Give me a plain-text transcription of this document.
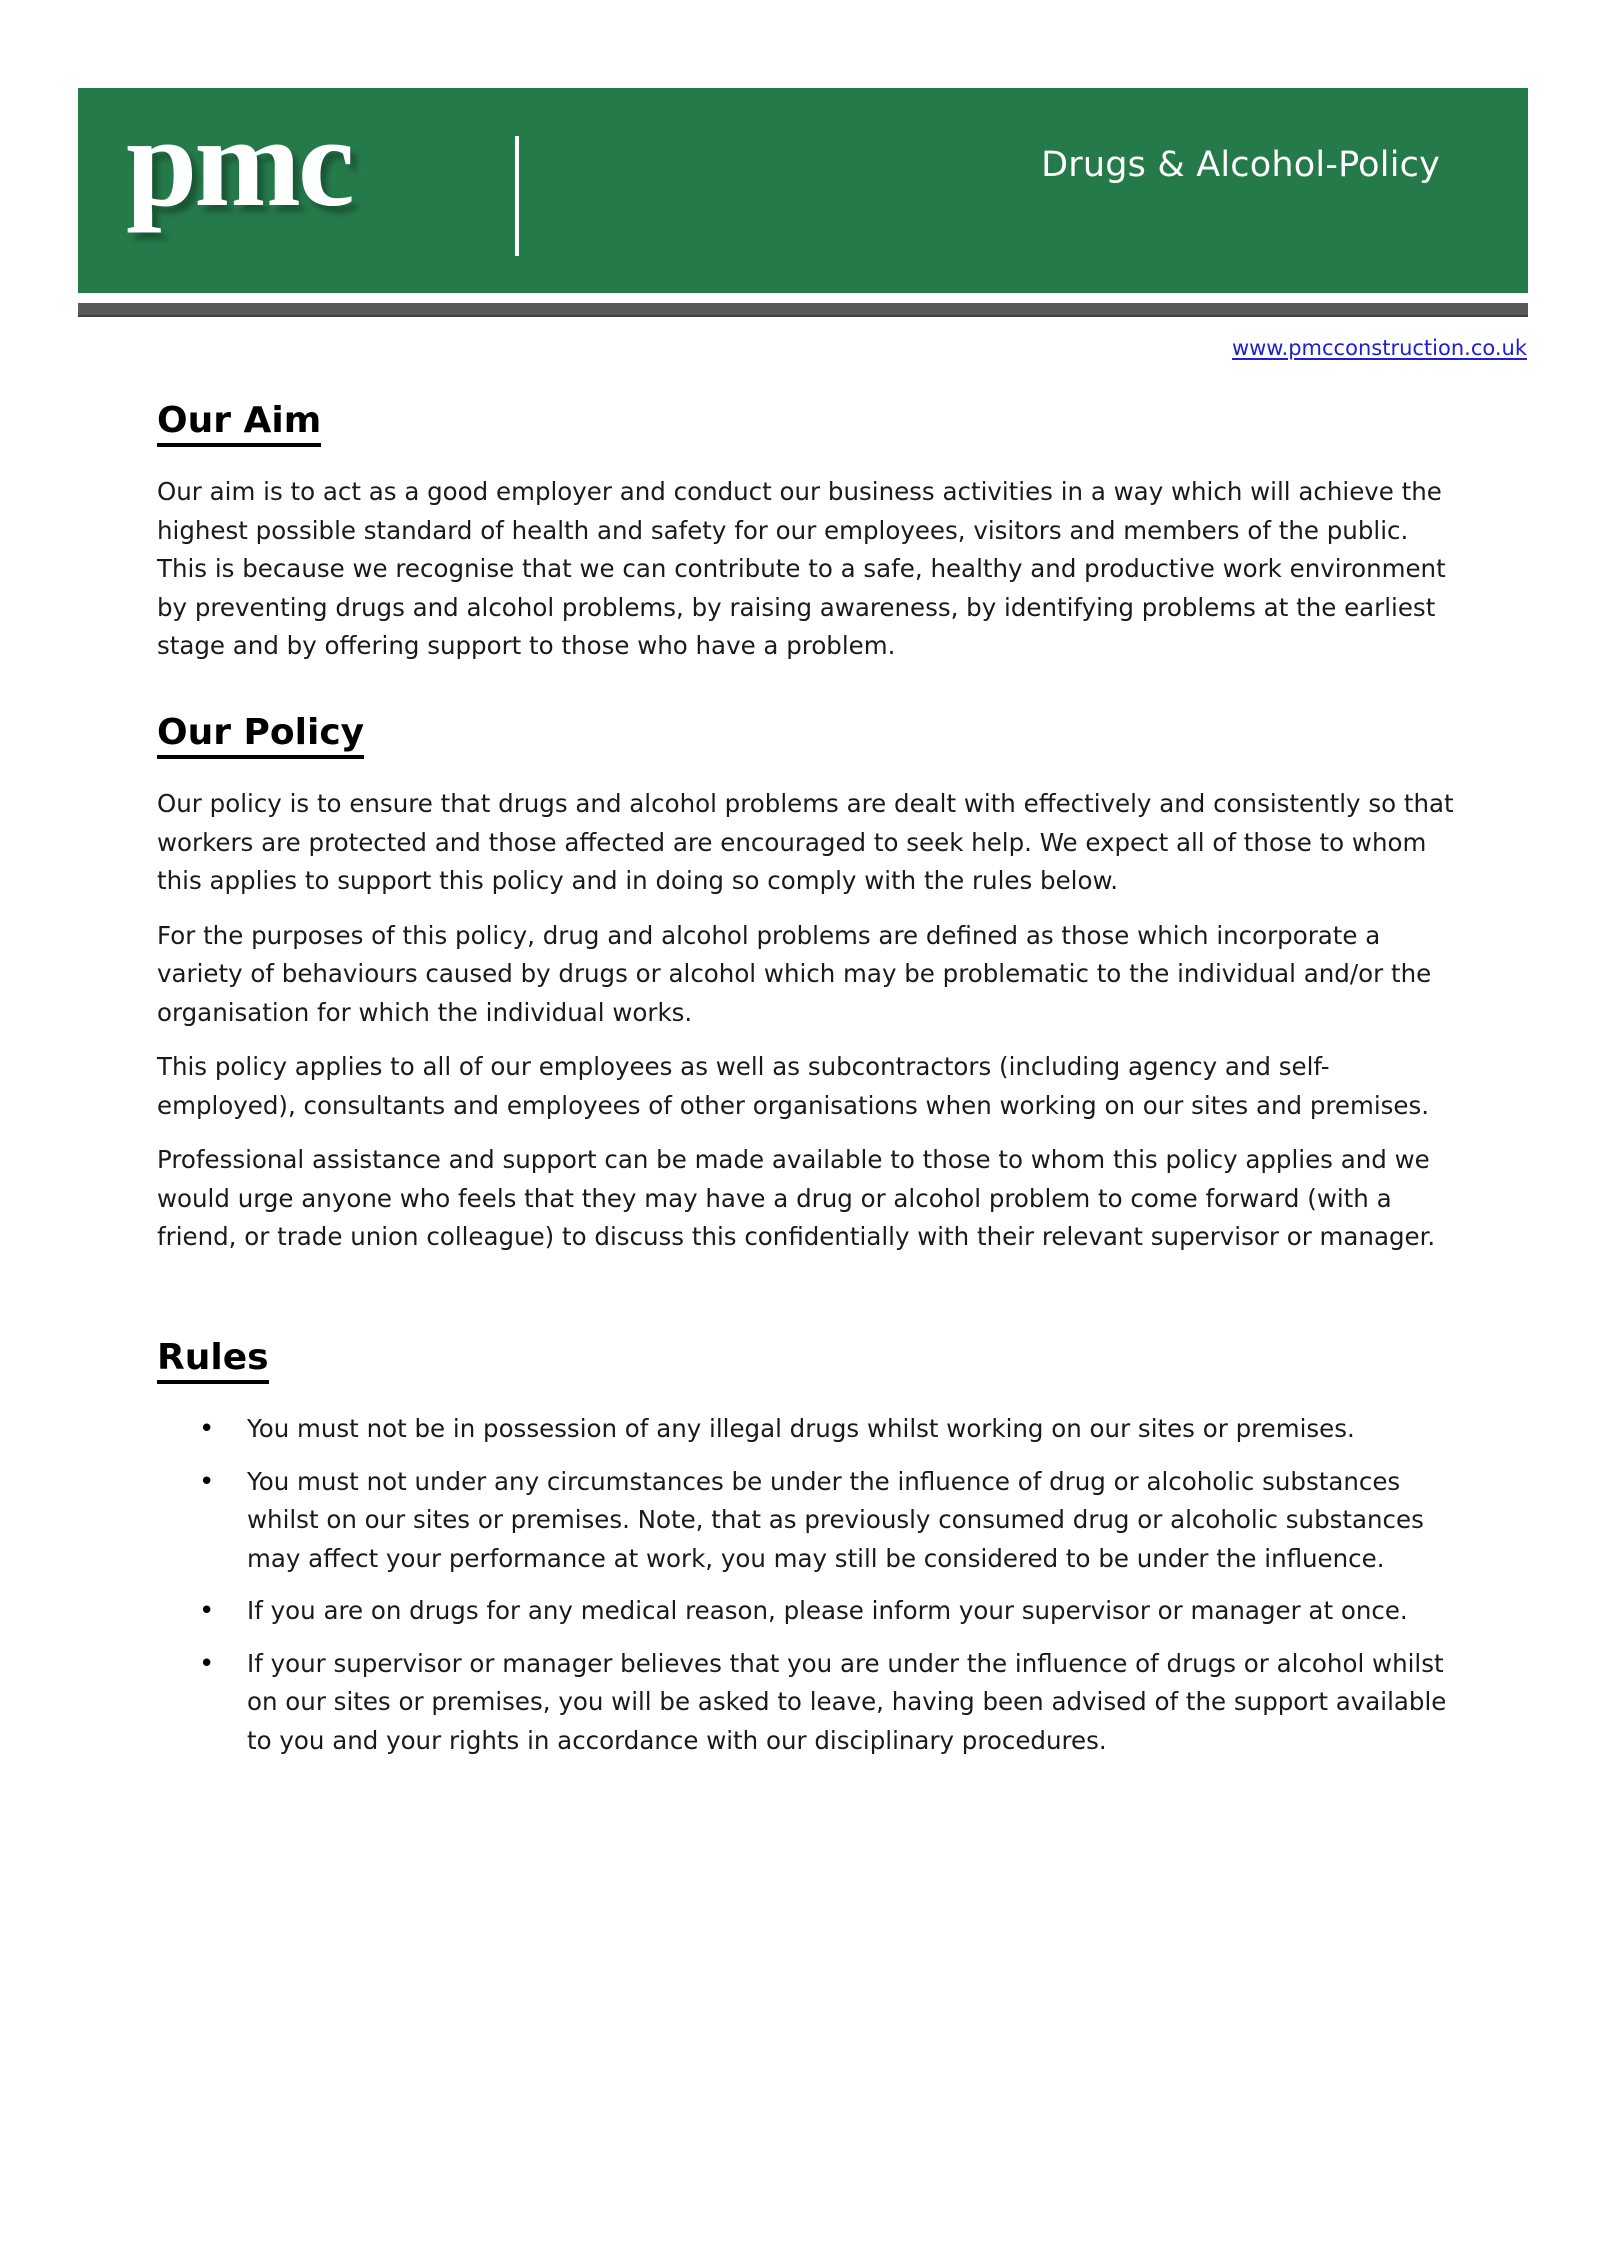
pmc	Drugs & Alcohol-Policy
www.pmcconstruction.co.uk
Our Aim

Our aim is to act as a good employer and conduct our business activities in a way which will achieve the highest possible standard of health and safety for our employees, visitors and members of the public. This is because we recognise that we can contribute to a safe, healthy and productive work environment by preventing drugs and alcohol problems, by raising awareness, by identifying problems at the earliest stage and by offering support to those who have a problem.

Our Policy

Our policy is to ensure that drugs and alcohol problems are dealt with effectively and consistently so that workers are protected and those affected are encouraged to seek help. We expect all of those to whom this applies to support this policy and in doing so comply with the rules below.

For the purposes of this policy, drug and alcohol problems are defined as those which incorporate a variety of behaviours caused by drugs or alcohol which may be problematic to the individual and/or the organisation for which the individual works.

This policy applies to all of our employees as well as subcontractors (including agency and self-employed), consultants and employees of other organisations when working on our sites and premises.

Professional assistance and support can be made available to those to whom this policy applies and we would urge anyone who feels that they may have a drug or alcohol problem to come forward (with a friend, or trade union colleague) to discuss this confidentially with their relevant supervisor or manager.

Rules
• You must not be in possession of any illegal drugs whilst working on our sites or premises.
• You must not under any circumstances be under the influence of drug or alcoholic substances whilst on our sites or premises. Note, that as previously consumed drug or alcoholic substances may affect your performance at work, you may still be considered to be under the influence.
• If you are on drugs for any medical reason, please inform your supervisor or manager at once.
• If your supervisor or manager believes that you are under the influence of drugs or alcohol whilst on our sites or premises, you will be asked to leave, having been advised of the support available to you and your rights in accordance with our disciplinary procedures.
